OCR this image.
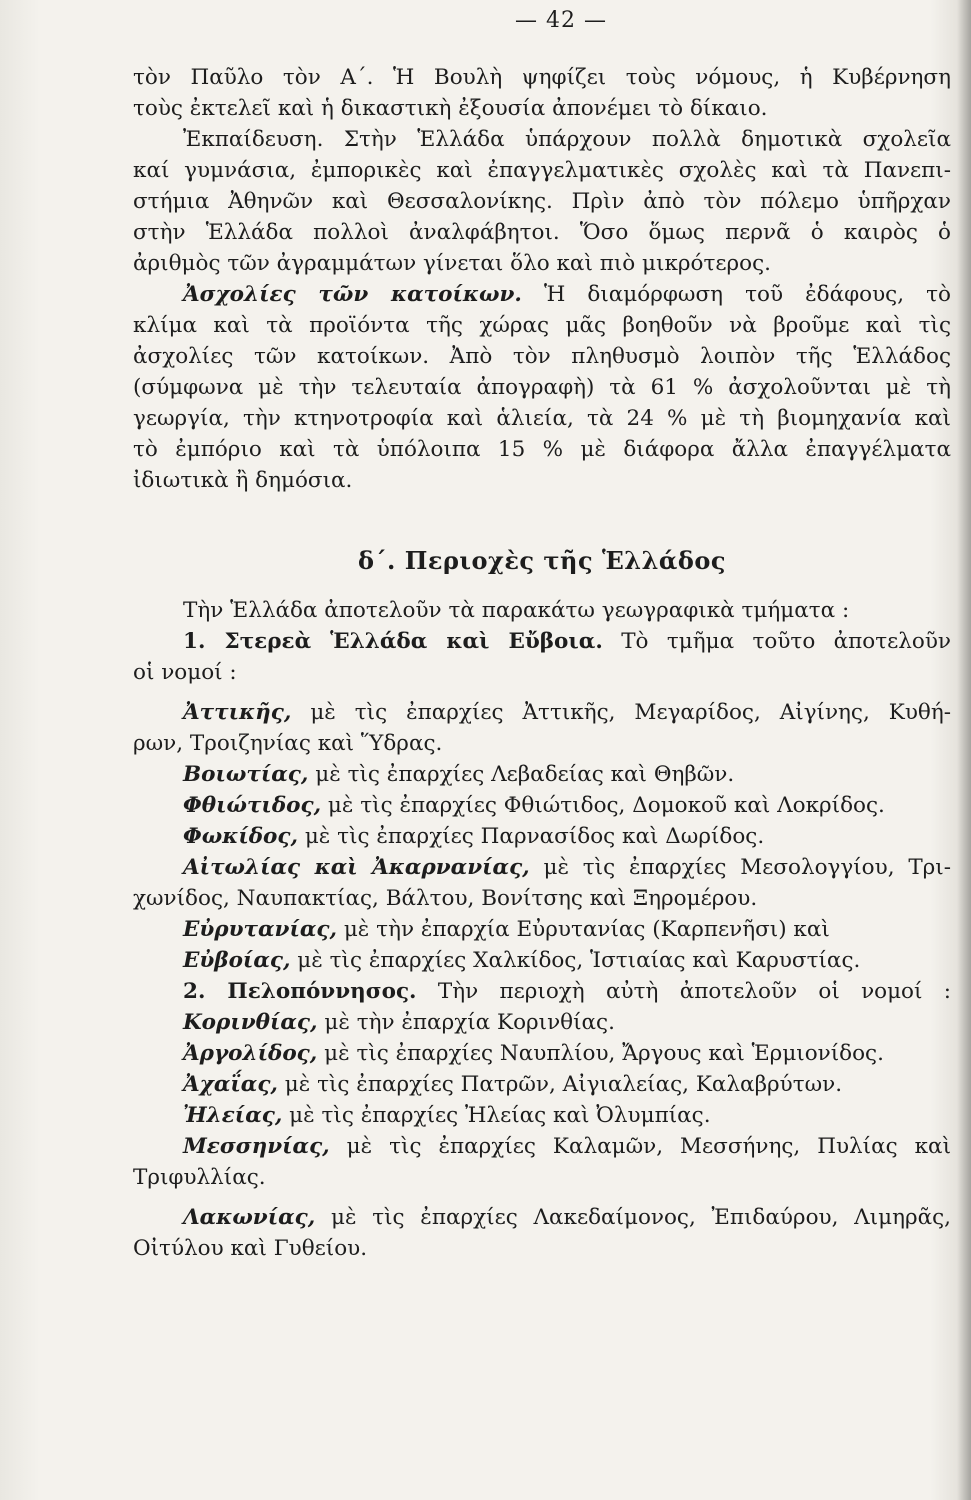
— 42 —

τὸν Παῦλο τὸν Α΄. Ἡ Βουλὴ ψηφίζει τοὺς νόμους, ἡ Κυβέρνηση

τοὺς ἐκτελεῖ καὶ ἡ δικαστικὴ ἐξουσία ἀπονέμει τὸ δίκαιο.

Ἐκπαίδευση. Στὴν Ἑλλάδα ὑπάρχουν πολλὰ δημοτικὰ σχολεῖα

καί γυμνάσια, ἐμπορικὲς καὶ ἐπαγγελματικὲς σχολὲς καὶ τὰ Πανεπι-

στήμια Ἀθηνῶν καὶ Θεσσαλονίκης. Πρὶν ἀπὸ τὸν πόλεμο ὑπῆρχαν

στὴν Ἑλλάδα πολλοὶ ἀναλφάβητοι. Ὅσο ὅμως περνᾶ ὁ καιρὸς ὁ

ἀριθμὸς τῶν ἀγραμμάτων γίνεται ὅλο καὶ πιὸ μικρότερος.

Ἀσχολίες τῶν κατοίκων. Ἡ διαμόρφωση τοῦ ἐδάφους, τὸ

κλίμα καὶ τὰ προϊόντα τῆς χώρας μᾶς βοηθοῦν νὰ βροῦμε καὶ τὶς

ἀσχολίες τῶν κατοίκων. Ἀπὸ τὸν πληθυσμὸ λοιπὸν τῆς Ἑλλάδος

(σύμφωνα μὲ τὴν τελευταία ἀπογραφὴ) τὰ 61 % ἀσχολοῦνται μὲ τὴ

γεωργία, τὴν κτηνοτροφία καὶ ἁλιεία, τὰ 24 % μὲ τὴ βιομηχανία καὶ

τὸ ἐμπόριο καὶ τὰ ὑπόλοιπα 15 % μὲ διάφορα ἄλλα ἐπαγγέλματα

ἰδιωτικὰ ἢ δημόσια.

δ΄. Περιοχὲς τῆς Ἑλλάδος

Τὴν Ἑλλάδα ἀποτελοῦν τὰ παρακάτω γεωγραφικὰ τμήματα :

1. Στερεὰ Ἑλλάδα καὶ Εὔβοια. Τὸ τμῆμα τοῦτο ἀποτελοῦν

οἱ νομοί :

Ἀττικῆς, μὲ τὶς ἐπαρχίες Ἀττικῆς, Μεγαρίδος, Αἰγίνης, Κυθή-

ρων, Τροιζηνίας καὶ Ὕδρας.

Βοιωτίας, μὲ τὶς ἐπαρχίες Λεβαδείας καὶ Θηβῶν.

Φθιώτιδος, μὲ τὶς ἐπαρχίες Φθιώτιδος, Δομοκοῦ καὶ Λοκρίδος.

Φωκίδος, μὲ τὶς ἐπαρχίες Παρνασίδος καὶ Δωρίδος.

Αἰτωλίας καὶ Ἀκαρνανίας, μὲ τὶς ἐπαρχίες Μεσολογγίου, Τρι-

χωνίδος, Ναυπακτίας, Βάλτου, Βονίτσης καὶ Ξηρομέρου.

Εὐρυτανίας, μὲ τὴν ἐπαρχία Εὐρυτανίας (Καρπενῆσι) καὶ

Εὐβοίας, μὲ τὶς ἐπαρχίες Χαλκίδος, Ἱστιαίας καὶ Καρυστίας.

2. Πελοπόννησος. Τὴν περιοχὴ αὐτὴ ἀποτελοῦν οἱ νομοί :

Κορινθίας, μὲ τὴν ἐπαρχία Κορινθίας.

Ἀργολίδος, μὲ τὶς ἐπαρχίες Ναυπλίου, Ἄργους καὶ Ἑρμιονίδος.

Ἀχαΐας, μὲ τὶς ἐπαρχίες Πατρῶν, Αἰγιαλείας, Καλαβρύτων.

Ἠλείας, μὲ τὶς ἐπαρχίες Ἠλείας καὶ Ὀλυμπίας.

Μεσσηνίας, μὲ τὶς ἐπαρχίες Καλαμῶν, Μεσσήνης, Πυλίας καὶ

Τριφυλλίας.

Λακωνίας, μὲ τὶς ἐπαρχίες Λακεδαίμονος, Ἐπιδαύρου, Λιμηρᾶς,

Οἰτύλου καὶ Γυθείου.
